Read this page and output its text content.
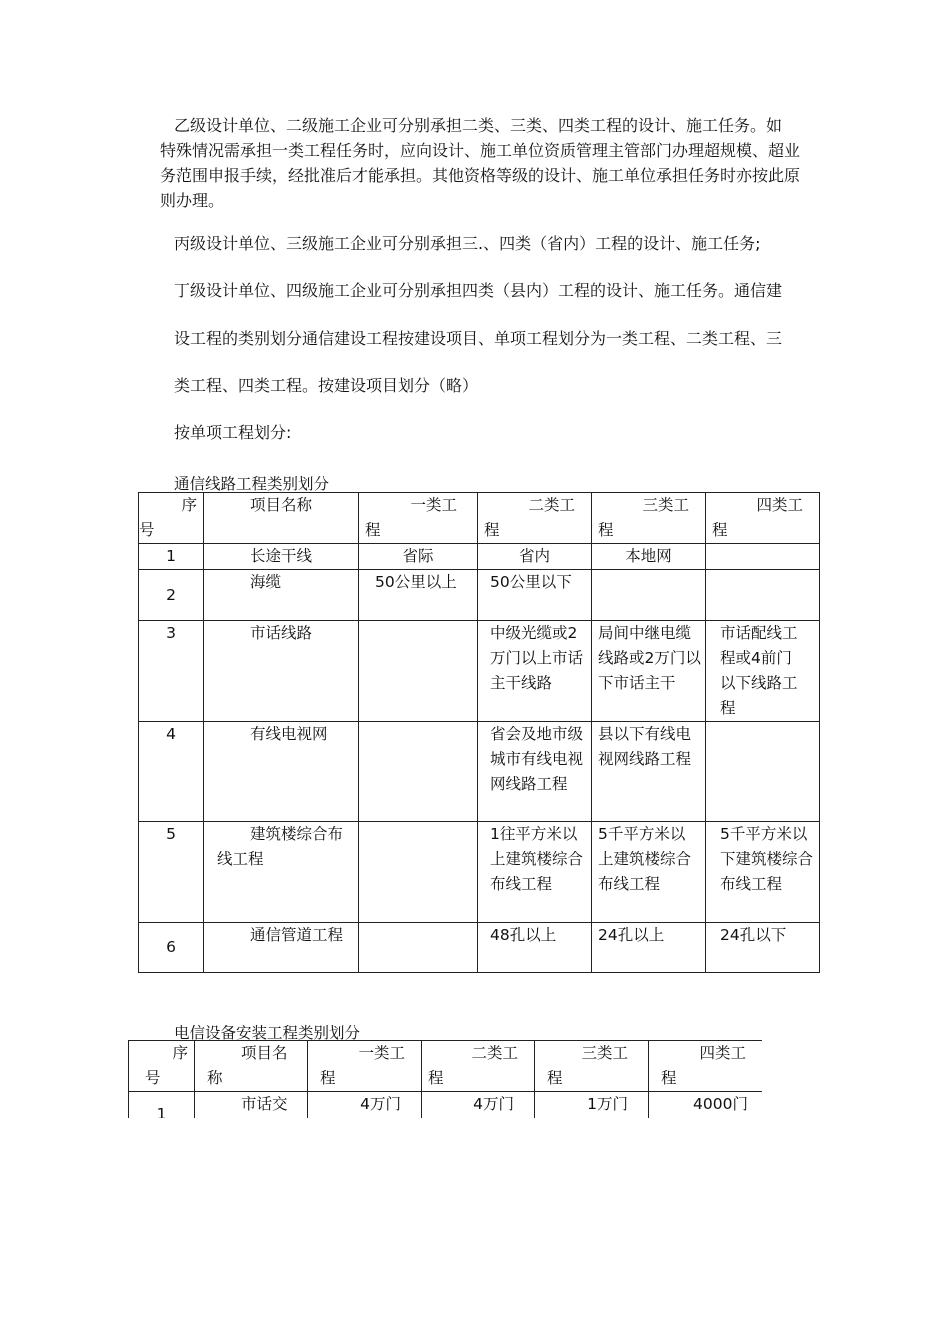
乙级设计单位、二级施工企业可分别承担二类、三类、四类工程的设计、施工任务。如
特殊情况需承担一类工程任务时，应向设计、施工单位资质管理主管部门办理超规模、超业
务范围申报手续，经批准后才能承担。其他资格等级的设计、施工单位承担任务时亦按此原
则办理。
丙级设计单位、三级施工企业可分别承担三.、四类（省内）工程的设计、施工任务;
丁级设计单位、四级施工企业可分别承担四类（县内）工程的设计、施工任务。通信建
设工程的类别划分通信建设工程按建设项目、单项工程划分为一类工程、二类工程、三
类工程、四类工程。按建设项目划分（略）
按单项工程划分:
通信线路工程类别划分
序
号	项目名称	一类工
程	二类工
程	三类工
程	四类工
程

1	长途干线	省际	省内	本地网	
2	海缆	50公里以上	50公里以下		
3	市话线路		中级光缆或2万门以上市话主干线路	局间中继电缆线路或2万门以下市话主干	市话配线工程或4前门以下线路工程
4	有线电视网		省会及地市级城市有线电视网线路工程	县以下有线电视网线路工程	
5	建筑楼综合布
线工程		1往平方米以上建筑楼综合布线工程	5千平方米以上建筑楼综合布线工程	5千平方米以下建筑楼综合布线工程
6	通信管道工程		48孔以上	24孔以上	24孔以下
电信设备安装工程类别划分
序
号	项目名
称	一类工
程	二类工
程	三类工
程	四类工
程

1	市话交	4万门	4万门	1万门	4000门
